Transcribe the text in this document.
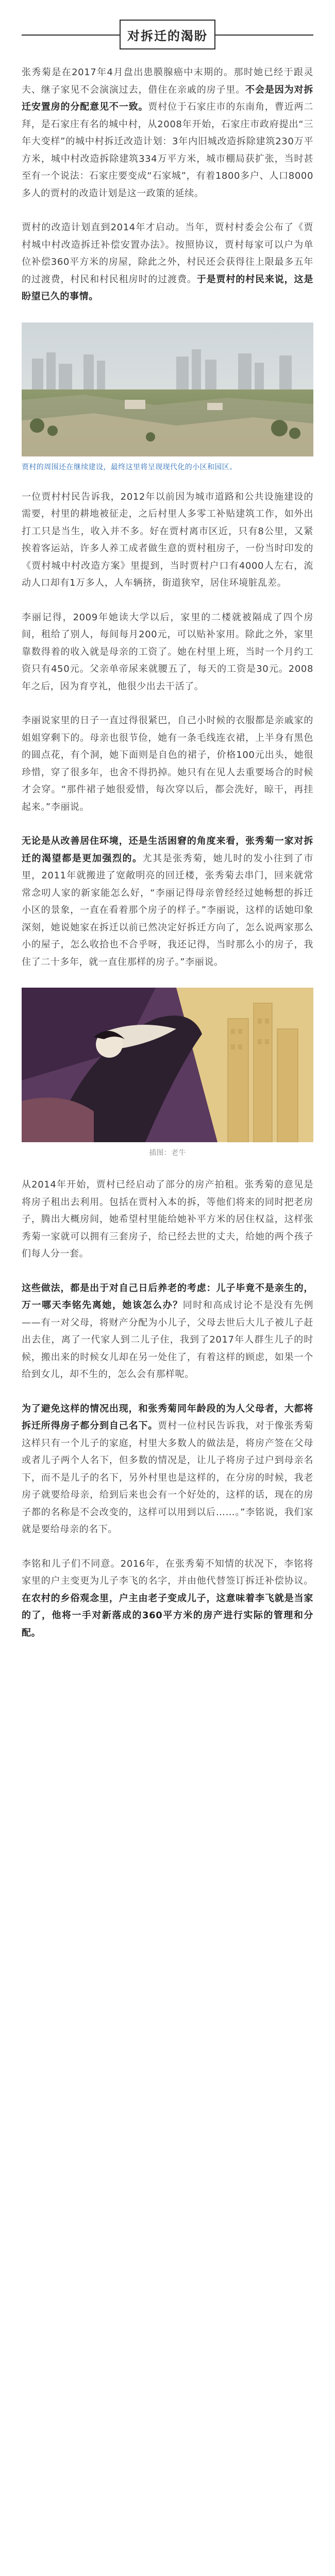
对拆迁的渴盼

张秀菊是在2017年4月盘出患膜腺癌中末期的。那时她已经于跟灵夫、继子家见不会演演过去，借住在亲戚的房子里。不会是因为对拆迁安置房的分配意见不一致。贾村位于石家庄市的东南角，曹近两二拜，是石家庄有名的城中村，从2008年开始，石家庄市政府提出“三年大变样”的城中村拆迁改造计划：3年内旧城改造拆除建筑230万平方米，城中村改造拆除建筑334万平方米，城市棚局获扩张，当时甚至有一个说法：石家庄要变成“石家城”，有着1800多户、人口8000多人的贾村的改造计划是这一政策的延续。

贾村的改造计划直到2014年才启动。当年，贾村村委会公布了《贾村城中村改造拆迁补偿安置办法》。按照协议，贾村每家可以户为单位补偿360平方米的房屋，除此之外，村民还会获得往上限最多五年的过渡费，村民和村民租房时的过渡费。于是贾村的村民来说，这是盼望已久的事情。

贾村的周围还在继续建设，最终这里将呈现现代化的小区和园区。

一位贾村村民告诉我，2012年以前因为城市道路和公共设施建设的需要，村里的耕地被征走，之后村里人多零工补贴建筑工作，如外出打工只是当生，收入并不多。好在贾村离市区近，只有8公里，又紧挨着客运站，许多人养工成者做生意的贾村租房子，一份当时印发的《贾村城中村改造方案》里提到，当时贾村户口有4000人左右，流动人口却有1万多人，人车辆挤，街道狭窄，居住环境脏乱差。

李丽记得，2009年她读大学以后，家里的二楼就被隔成了四个房间，租给了别人，每间每月200元，可以贴补家用。除此之外，家里靠数得着的收入就是母亲的工资了。她在村里上班，当时一个月约工资只有450元。父亲单帝尿来就腰五了，每天的工资是30元。2008年之后，因为育亨礼，他很少出去干活了。

李丽说家里的日子一直过得很紧巴，自己小时候的衣服都是亲戚家的姐姐穿剩下的。母亲也很节俭，她有一条毛线连衣裙，上半身有黑色的圆点花，有个洞，她下面则是自色的裙子，价格100元出头，她很珍惜，穿了很多年，也舍不得扔掉。她只有在见人去重要场合的时候才会穿。“那件裙子她很爱惜，每次穿以后，都会洗好，晾干，再挂起来。”李丽说。

无论是从改善居住环境，还是生活困窘的角度来看，张秀菊一家对拆迁的渴望都是更加强烈的。尤其是张秀菊，她儿时的发小往到了市里，2011年就搬进了宽敞明亮的回迁楼，张秀菊去串门，回来就常常念叨人家的新家能怎么好，“李丽记得母亲曾经经过她畅想的拆迁小区的景象，一直在看着那个房子的样子。”李丽说，这样的话她印象深刻，她说她家在拆迁以前已然决定好拆迁方向了，怎么说两家那么小的屋子，怎么收拾也不合乎呀，我还记得，当时那么小的房子，我住了二十多年，就一直住那样的房子。”李丽说。

插图：老牛

从2014年开始，贾村已经启动了部分的房产拍租。张秀菊的意见是将房子租出去利用。包括在贾村入本的拆，等他们将来的同时把老房子，腾出大概房间，她希望村里能给她补平方米的居住权益，这样张秀菊一家就可以拥有三套房子，给已经去世的丈夫，给她的两个孩子们每人分一套。

这些做法，都是出于对自己日后养老的考虑：儿子毕竟不是亲生的，万一哪天李铭先离她，她该怎么办？同时和高成讨论不是没有先例——有一对父母，将财产分配为小儿子，父母去世后大儿子被儿子赶出去住，离了一代家人到二儿子住，我到了2017年人群生儿子的时候，搬出来的时候女儿却在另一处住了，有着这样的顾虑，如果一个给到女儿，却不生的，怎么会有那样呢。

为了避免这样的情况出现，和张秀菊同年龄段的为人父母者，大都将拆迁所得房子都分到自己名下。贾村一位村民告诉我，对于像张秀菊这样只有一个儿子的家庭，村里大多数人的做法是，将房产签在父母或者儿子两个人名下，但多数的情况是，让儿子将房子过户到母亲名下，而不是儿子的名下，另外村里也是这样的，在分房的时候，我老房子就要给母亲，给到后来也会有一个好处的，这样的话，现在的房子都的名称是不会改变的，这样可以用到以后……。”李铭说，我们家就是要给母亲的名下。

李铭和儿子们不同意。2016年，在张秀菊不知情的状况下，李铭将家里的户主变更为儿子李飞的名字，并由他代替签订拆迁补偿协议。在农村的乡俗观念里，户主由老子变成儿子，这意味着李飞就是当家的了，他将一手对新落成的360平方米的房产进行实际的管理和分配。
